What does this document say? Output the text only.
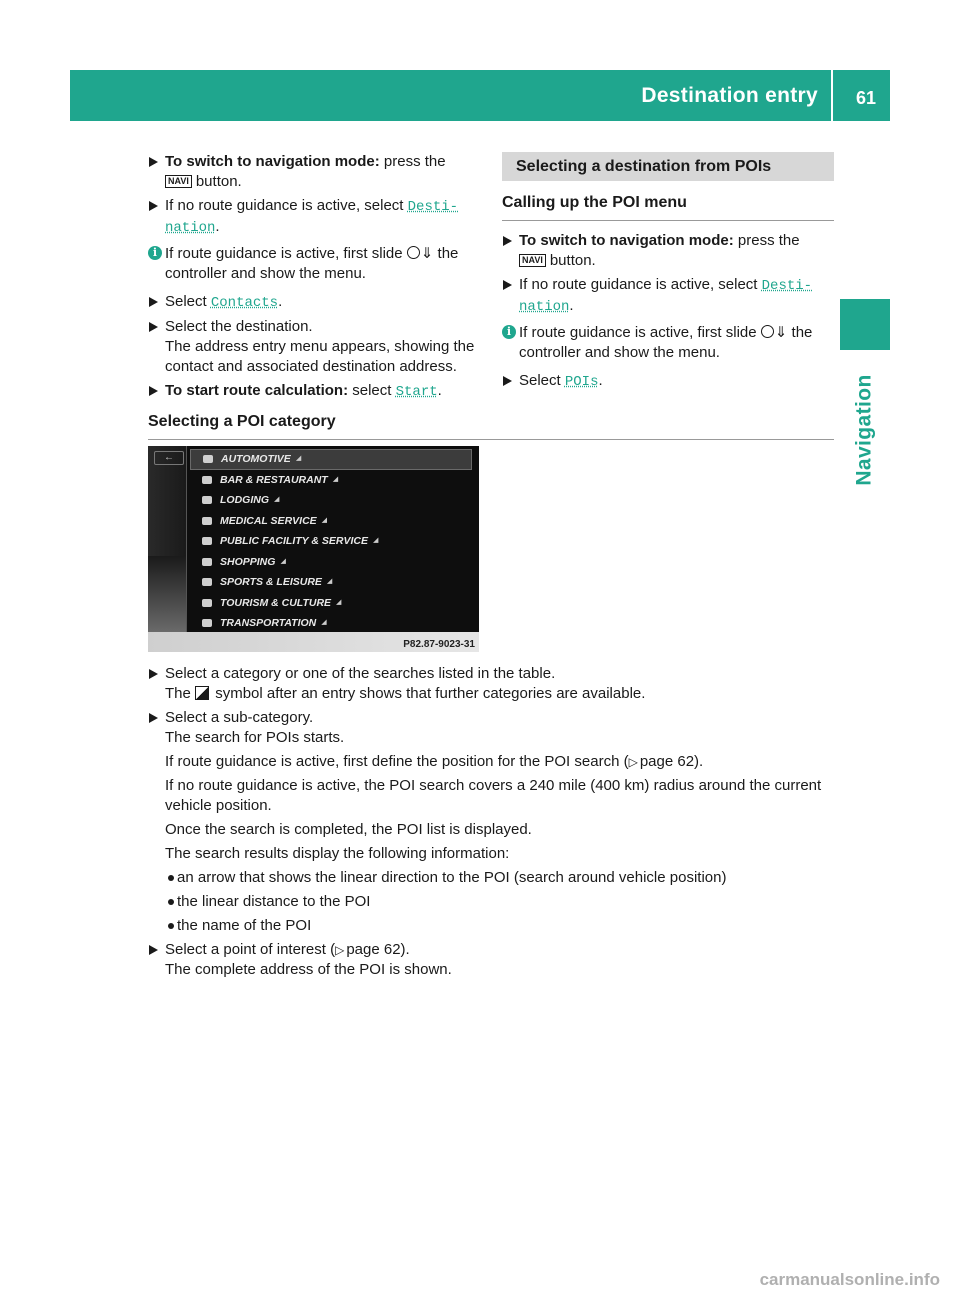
Destination entry 61
Navigation
To switch to navigation mode: press the
NAVI button.
If no route guidance is active, select Desti‐ nation.
i If route guidance is active, first slide ⇓ the controller and show the menu.
Select Contacts.
Select the destination.
The address entry menu appears, showing the contact and associated destination address.
To start route calculation: select Start.
Selecting a destination from POIs
Calling up the POI menu
To switch to navigation mode: press the
NAVI button.
If no route guidance is active, select Desti‐ nation.
i If route guidance is active, first slide ⇓ the controller and show the menu.
Select POIs.
Selecting a POI category
←	AUTOMOTIVE ◢
BAR & RESTAURANT ◢
LODGING ◢
MEDICAL SERVICE ◢
PUBLIC FACILITY & SERVICE ◢
SHOPPING ◢
SPORTS & LEISURE ◢
TOURISM & CULTURE ◢
TRANSPORTATION ◢
P82.87-9023-31
Select a category or one of the searches listed in the table.
The symbol after an entry shows that further categories are available.
Select a sub-category.
The search for POIs starts.

If route guidance is active, first define the position for the POI search (▷ page 62).

If no route guidance is active, the POI search covers a 240 mile (400 km) radius around the current vehicle position.

Once the search is completed, the POI list is displayed.

The search results display the following information:

an arrow that shows the linear direction to the POI (search around vehicle position)
the linear distance to the POI
the name of the POI
Select a point of interest (▷ page 62).
The complete address of the POI is shown.
carmanualsonline.info
